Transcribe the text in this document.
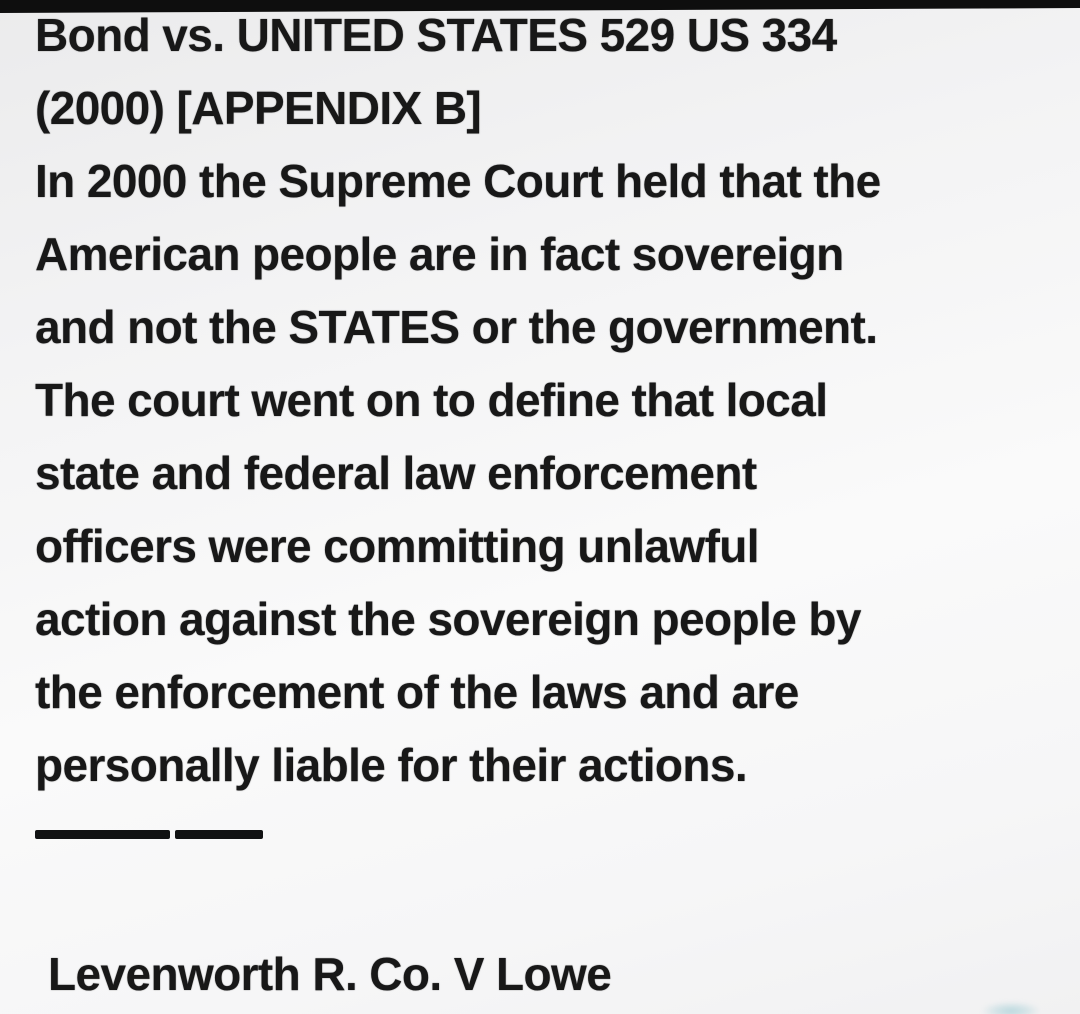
Bond vs. UNITED STATES 529 US 334
(2000) [APPENDIX B]
In 2000 the Supreme Court held that the
American people are in fact sovereign
and not the STATES or the government.
The court went on to define that local
state and federal law enforcement
officers were committing unlawful
action against the sovereign people by
the enforcement of the laws and are
personally liable for their actions.
Levenworth R. Co. V Lowe
